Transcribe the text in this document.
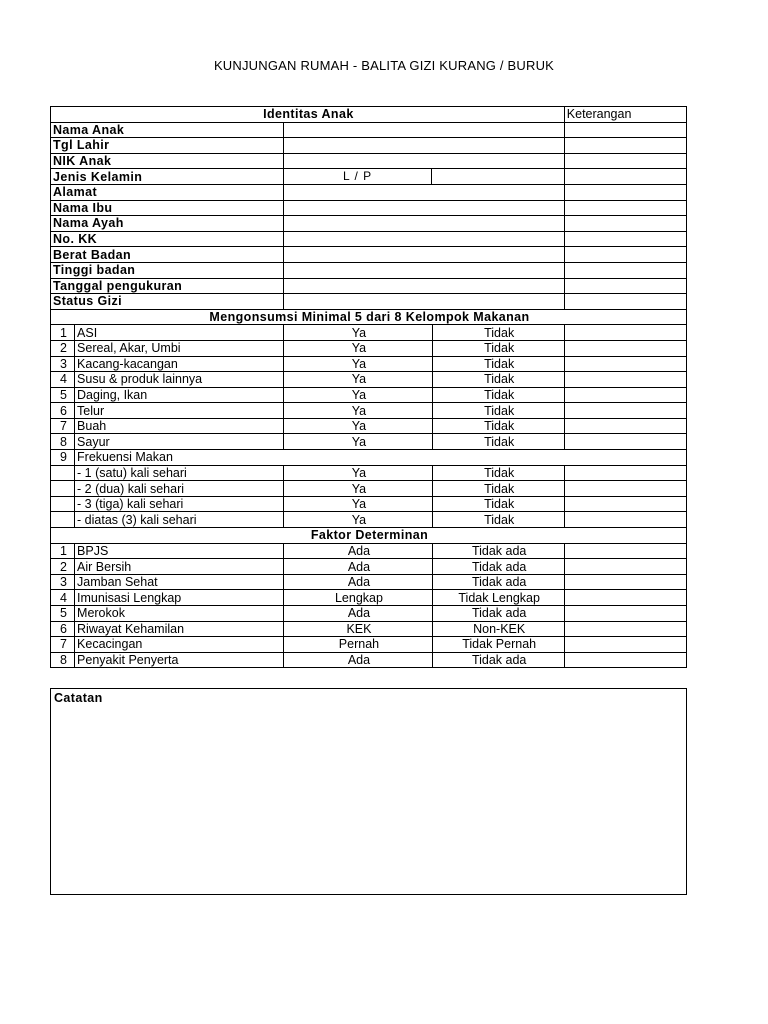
KUNJUNGAN RUMAH - BALITA GIZI KURANG / BURUK
Identitas Anak				Keterangan
Nama Anak				
Tgl Lahir				
NIK Anak				
Jenis Kelamin		L / P		

Alamat				
Nama Ibu				
Nama Ayah				
No. KK				
Berat Badan				
Tinggi badan				
Tanggal pengukuran				
Status Gizi				
Mengonsumsi Minimal 5 dari 8 Kelompok Makanan				
1	ASI	Ya	Tidak	
2	Sereal, Akar, Umbi	Ya	Tidak	
3	Kacang-kacangan	Ya	Tidak	
4	Susu & produk lainnya	Ya	Tidak	
5	Daging, Ikan	Ya	Tidak	
6	Telur	Ya	Tidak	
7	Buah	Ya	Tidak	
8	Sayur	Ya	Tidak	
9	Frekuensi Makan			
	- 1 (satu) kali sehari	Ya	Tidak	
	- 2 (dua) kali sehari	Ya	Tidak	
	- 3 (tiga) kali sehari	Ya	Tidak	
	- diatas (3) kali sehari	Ya	Tidak	
Faktor Determinan				
1	BPJS	Ada	Tidak ada	
2	Air Bersih	Ada	Tidak ada	
3	Jamban Sehat	Ada	Tidak ada	
4	Imunisasi Lengkap	Lengkap	Tidak Lengkap	
5	Merokok	Ada	Tidak ada	
6	Riwayat Kehamilan	KEK	Non-KEK	
7	Kecacingan	Pernah	Tidak Pernah	
8	Penyakit Penyerta	Ada	Tidak ada	
Catatan
